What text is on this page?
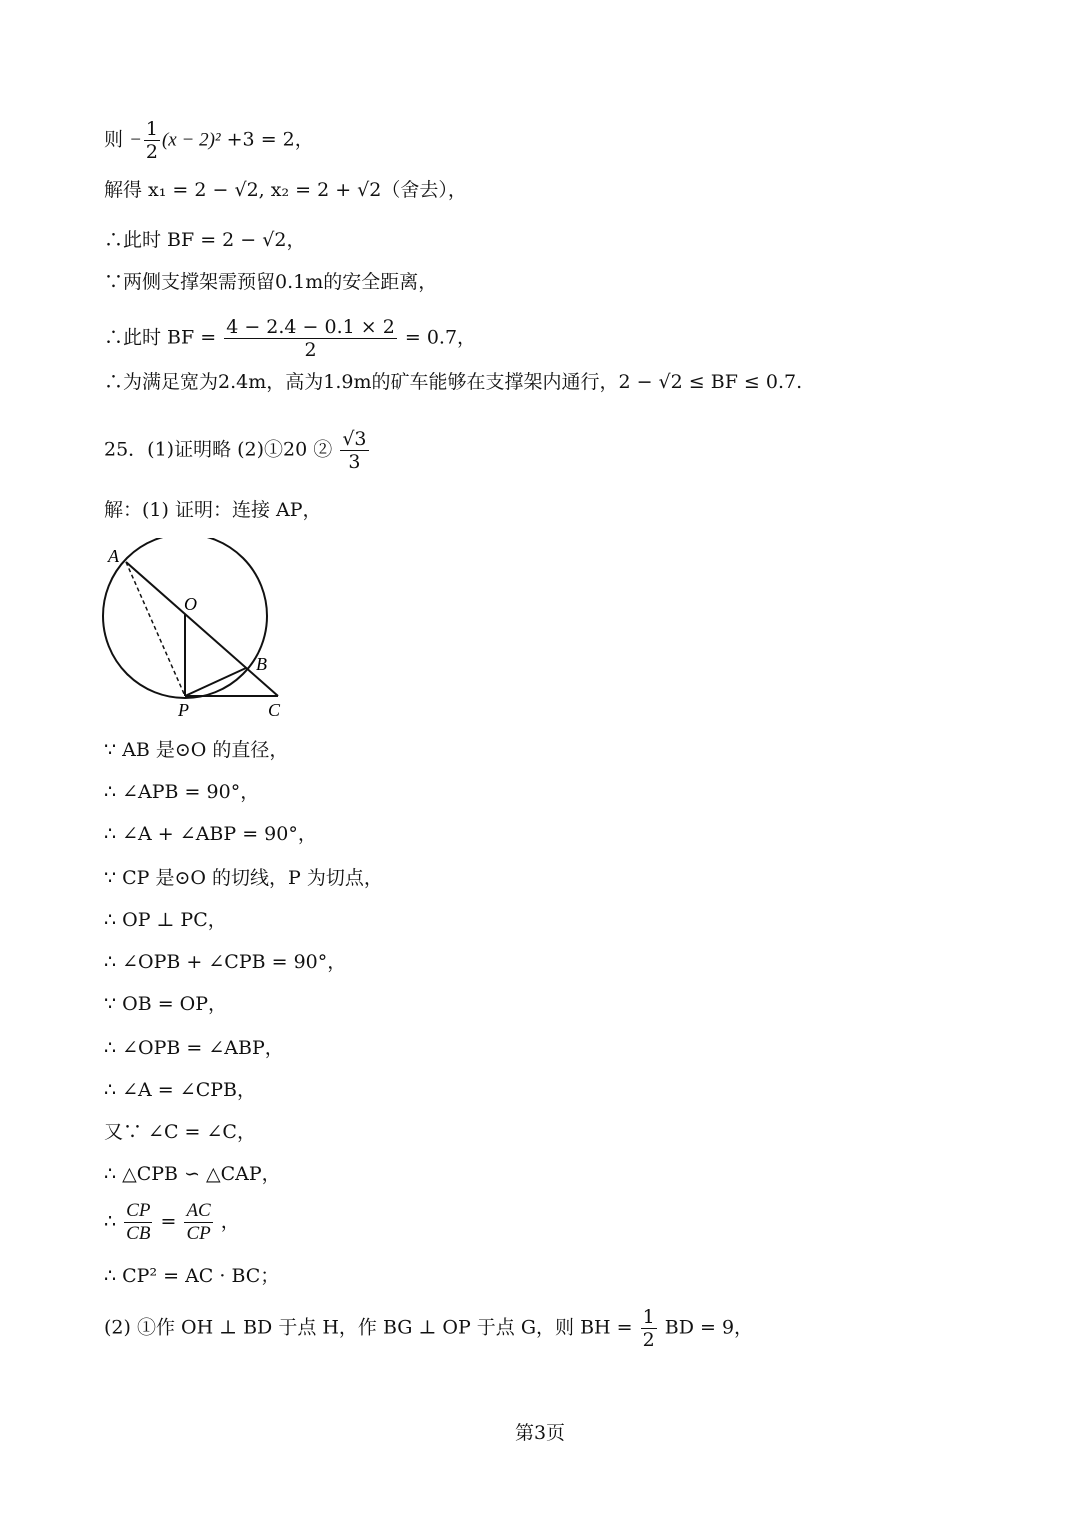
则 − $\frac{1}{2} (x - 2)^2 +3 = 2$，
解得 x₁ = 2 − √2, x₂ = 2 + √2（舍去），
∴此时 BF = 2 − √2，
∵两侧支撑架需预留0.1m的安全距离，
∴此时 BF = $\frac{4 - 2.4 - 0.1 \times 2}{2} = 0.7$，
∴为满足宽为2.4m，高为1.9m的矿车能够在支撑架内通行，2 − √2 ≤ BF ≤ 0.7.
25．(1)证明略 (2)①20 ② $\frac{√3}{3}$
解：(1) 证明：连接 AP，
A
O
B
P	C
∵ AB 是⊙O 的直径，
∴ ∠APB = 90°，
∴ ∠A + ∠ABP = 90°，
∵ CP 是⊙O 的切线，P 为切点，
∴ OP ⊥ PC，
∴ ∠OPB + ∠CPB = 90°，
∵ OB = OP，
∴ ∠OPB = ∠ABP，
∴ ∠A = ∠CPB，
又∵ ∠C = ∠C，
∴ △CPB ∽ △CAP，
∴ $\frac{CP}{CB} = \frac{AC}{CP}$ ，
∴ CP² = AC · BC；
(2) ①作 OH ⊥ BD 于点 H，作 BG ⊥ OP 于点 G，则 BH = $\frac{1}{2}$ BD = 9，
第3页
